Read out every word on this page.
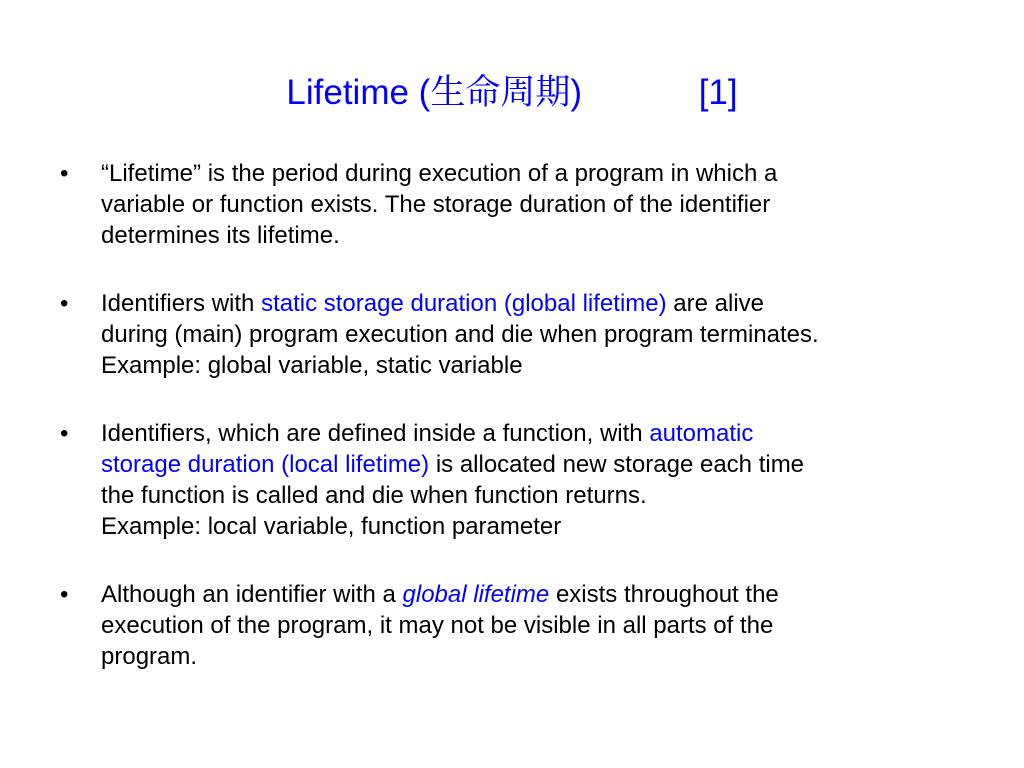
Lifetime (生命周期)	[1]
• “Lifetime” is the period during execution of a program in which a
variable or function exists. The storage duration of the identifier
determines its lifetime.
• Identifiers with static storage duration (global lifetime) are alive
during (main) program execution and die when program terminates.
Example: global variable, static variable
• Identifiers, which are defined inside a function, with automatic
storage duration (local lifetime) is allocated new storage each time
the function is called and die when function returns.
Example: local variable, function parameter
• Although an identifier with a global lifetime exists throughout the
execution of the program, it may not be visible in all parts of the
program.
